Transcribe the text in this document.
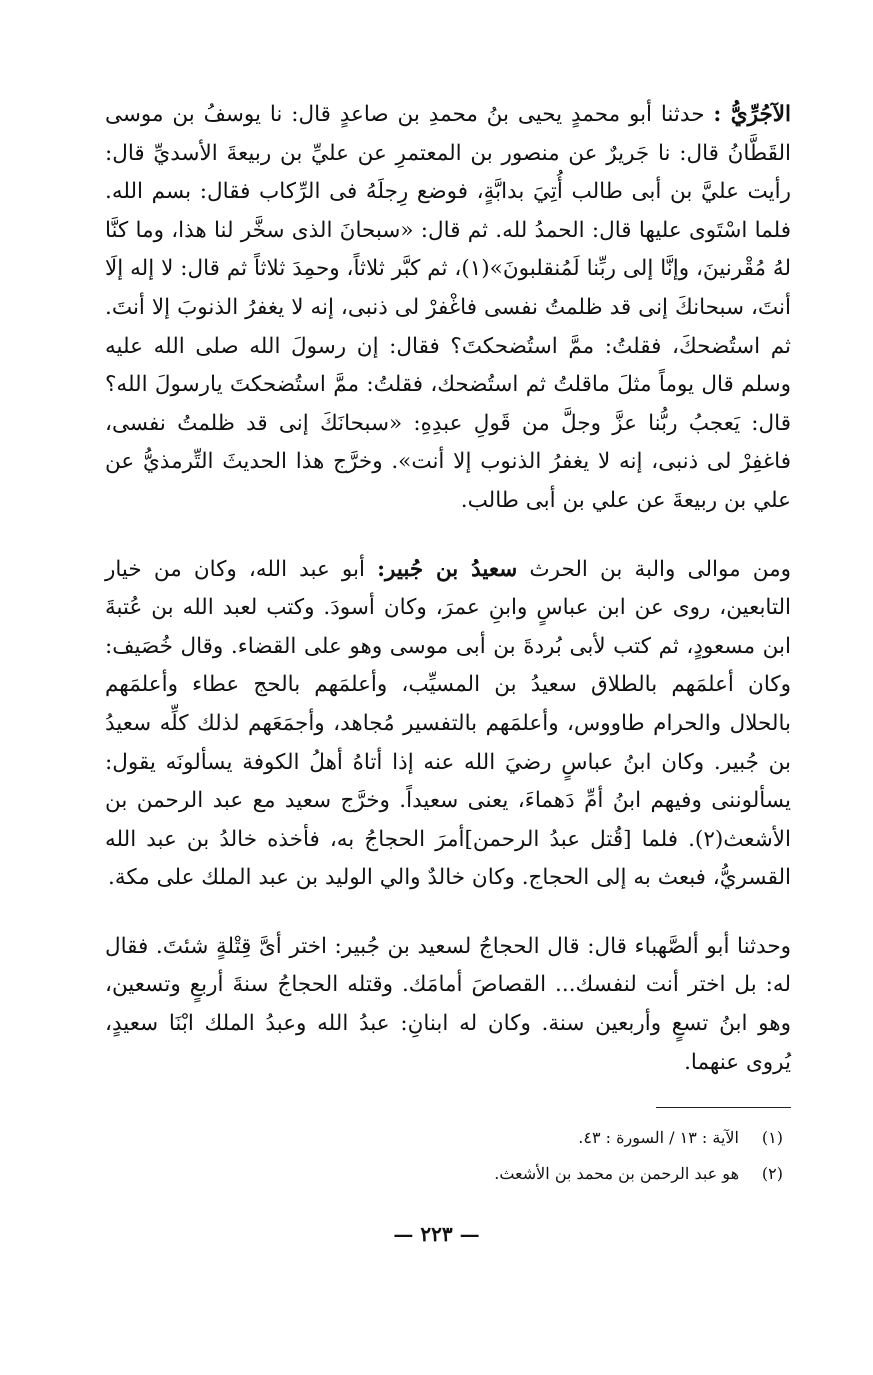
الآجُرِّيُّ : حدثنا أبو محمدٍ يحيى بنُ محمدِ بن صاعدٍ قال: نا يوسفُ بن موسى القَطَّانُ قال: نا جَريرٌ عن منصور بن المعتمرِ عن عليِّ بن ربيعةَ الأسديِّ قال: رأيت عليَّ بن أبى طالب أُتِيَ بدابَّةٍ، فوضع رِجلَهُ فى الرِّكاب فقال: بسم الله. فلما اسْتَوى عليها قال: الحمدُ لله. ثم قال: «سبحانَ الذى سخَّر لنا هذا، وما كنَّا لهُ مُقْرنينَ، وإنَّا إلى ربِّنا لَمُنقلبونَ»(١)، ثم كبَّر ثلاثاً، وحمِدَ ثلاثاً ثم قال: لا إله إلَا أنتَ، سبحانكَ إنى قد ظلمتُ نفسى فاغْفرْ لى ذنبى، إنه لا يغفرُ الذنوبَ إلا أنتَ. ثم استُضحكَ، فقلتُ: ممَّ استُضحكتَ؟ فقال: إن رسولَ الله صلى الله عليه وسلم قال يوماً مثلَ ماقلتُ ثم استُضحك، فقلتُ: ممَّ استُضحكتَ يارسولَ الله؟ قال: يَعجبُ ربُّنا عزَّ وجلَّ من قَولِ عبدِهِ: «سبحانَكَ إنى قد ظلمتُ نفسى، فاغفِرْ لى ذنبى، إنه لا يغفرُ الذنوب إلا أنت». وخرَّج هذا الحديثَ التِّرمذيُّ عن علي بن ربيعةَ عن علي بن أبى طالب.

ومن موالى والبة بن الحرث سعيدُ بن جُبير: أبو عبد الله، وكان من خيار التابعين، روى عن ابن عباسٍ وابنِ عمرَ، وكان أسودَ. وكتب لعبد الله بن عُتبةَ ابن مسعودٍ، ثم كتب لأبى بُردةَ بن أبى موسى وهو على القضاء. وقال خُصَيف: وكان أعلمَهم بالطلاق سعيدُ بن المسيِّب، وأعلمَهم بالحج عطاء وأعلمَهم بالحلال والحرام طاووس، وأعلمَهم بالتفسير مُجاهد، وأجمَعَهم لذلك كلِّه سعيدُ بن جُبير. وكان ابنُ عباسٍ رضيَ الله عنه إذا أتاهُ أهلُ الكوفة يسألونَه يقول: يسألوننى وفيهم ابنُ أمِّ دَهماءَ، يعنى سعيداً. وخرَّج سعيد مع عبد الرحمن بن الأشعث(٢). فلما [قُتل عبدُ الرحمن]أمرَ الحجاجُ به، فأخذه خالدُ بن عبد الله القسريُّ، فبعث به إلى الحجاج. وكان خالدٌ والي الوليد بن عبد الملك على مكة.

وحدثنا أبو ألصَّهباء قال: قال الحجاجُ لسعيد بن جُبير: اختر أىَّ قِتْلةٍ شئتَ. فقال له: بل اختر أنت لنفسك... القصاصَ أمامَك. وقتله الحجاجُ سنةَ أربعٍ وتسعين، وهو ابنُ تسعٍ وأربعين سنة. وكان له ابنانِ: عبدُ الله وعبدُ الملك ابْنَا سعيدٍ، يُروى عنهما.

(١)الآية : ١٣ / السورة : ٤٣.
(٢)هو عبد الرحمن بن محمد بن الأشعث.
— ٢٢٣ —
